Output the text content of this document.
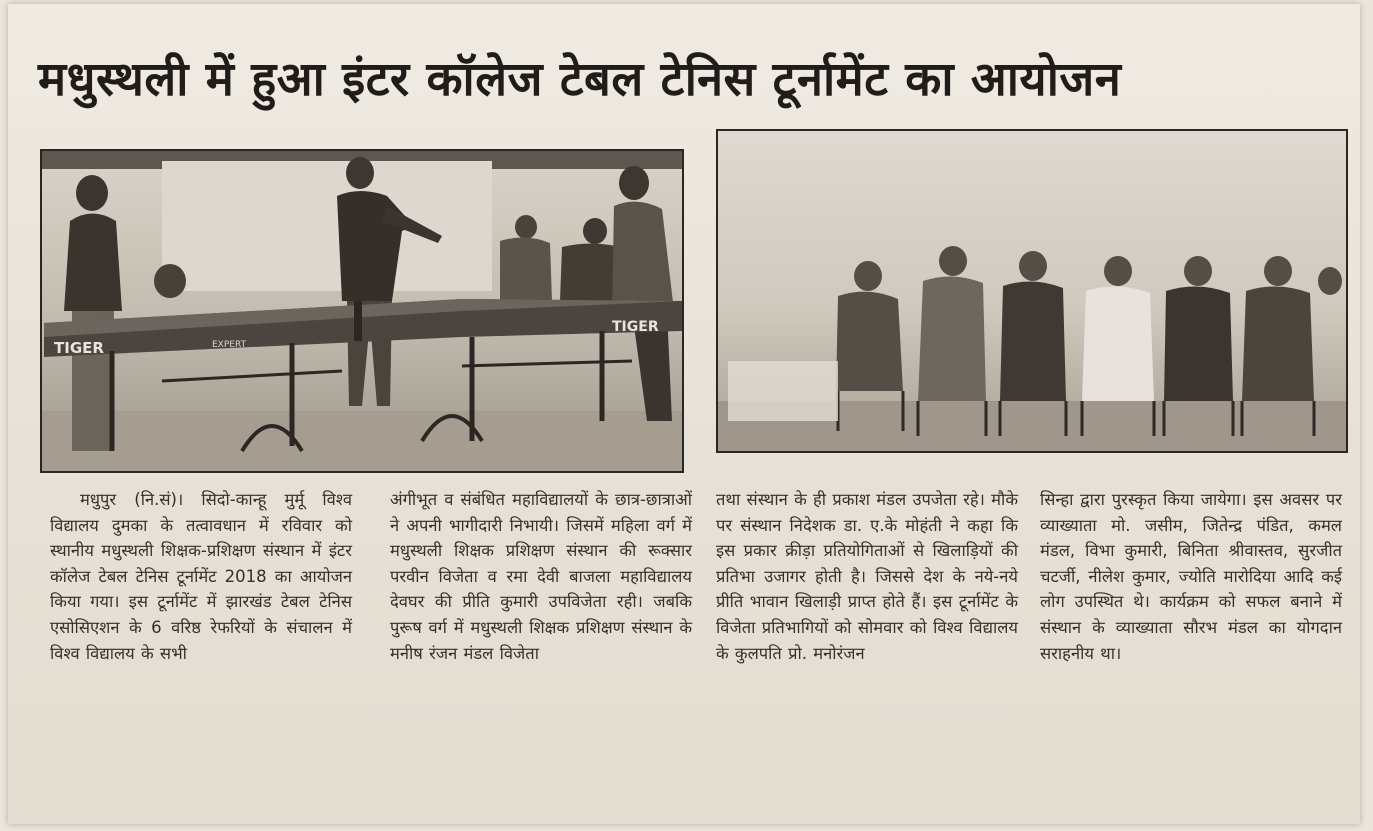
मधुस्थली में हुआ इंटर कॉलेज टेबल टेनिस टूर्नामेंट का आयोजन
TIGER	EXPERT
TIGER
मधुपुर (नि.सं)। सिदो-कान्हू मुर्मू विश्व विद्यालय दुमका के तत्वावधान में रविवार को स्थानीय मधुस्थली शिक्षक-प्रशिक्षण संस्थान में इंटर कॉलेज टेबल टेनिस टूर्नामेंट 2018 का आयोजन किया गया। इस टूर्नामेंट में झारखंड टेबल टेनिस एसोसिएशन के 6 वरिष्ठ रेफरियों के संचालन में विश्व विद्यालय के सभी
अंगीभूत व संबंधित महाविद्यालयों के छात्र-छात्राओं ने अपनी भागीदारी निभायी। जिसमें महिला वर्ग में मधुस्थली शिक्षक प्रशिक्षण संस्थान की रूक्सार परवीन विजेता व रमा देवी बाजला महाविद्यालय देवघर की प्रीति कुमारी उपविजेता रही। जबकि पुरूष वर्ग में मधुस्थली शिक्षक प्रशिक्षण संस्थान के मनीष रंजन मंडल विजेता
तथा संस्थान के ही प्रकाश मंडल उपजेता रहे। मौके पर संस्थान निदेशक डा. ए.के मोहंती ने कहा कि इस प्रकार क्रीड़ा प्रतियोगिताओं से खिलाड़ियों की प्रतिभा उजागर होती है। जिससे देश के नये-नये प्रीति भावान खिलाड़ी प्राप्त होते हैं। इस टूर्नामेंट के विजेता प्रतिभागियों को सोमवार को विश्व विद्यालय के कुलपति प्रो. मनोरंजन
सिन्हा द्वारा पुरस्कृत किया जायेगा। इस अवसर पर व्याख्याता मो. जसीम, जितेन्द्र पंडित, कमल मंडल, विभा कुमारी, बिनिता श्रीवास्तव, सुरजीत चटर्जी, नीलेश कुमार, ज्योति मारोदिया आदि कई लोग उपस्थित थे। कार्यक्रम को सफल बनाने में संस्थान के व्याख्याता सौरभ मंडल का योगदान सराहनीय था।
